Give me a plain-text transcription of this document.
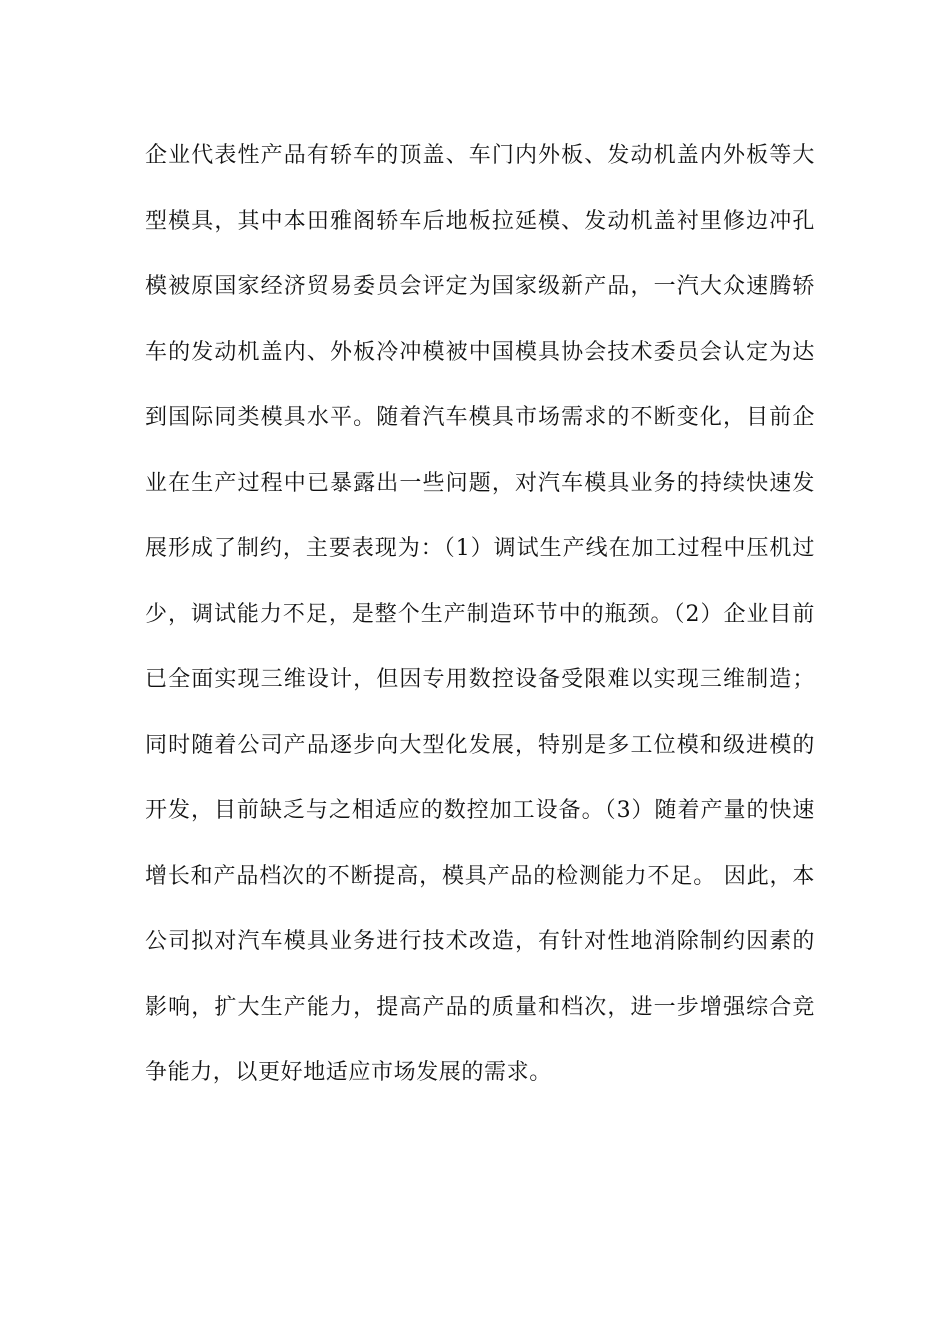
企业代表性产品有轿车的顶盖、车门内外板、发动机盖内外板等大
型模具，其中本田雅阁轿车后地板拉延模、发动机盖衬里修边冲孔
模被原国家经济贸易委员会评定为国家级新产品，一汽大众速腾轿
车的发动机盖内、外板冷冲模被中国模具协会技术委员会认定为达
到国际同类模具水平。随着汽车模具市场需求的不断变化，目前企
业在生产过程中已暴露出一些问题，对汽车模具业务的持续快速发
展形成了制约，主要表现为：（1）调试生产线在加工过程中压机过
少，调试能力不足，是整个生产制造环节中的瓶颈。（2）企业目前
已全面实现三维设计，但因专用数控设备受限难以实现三维制造；
同时随着公司产品逐步向大型化发展，特别是多工位模和级进模的
开发，目前缺乏与之相适应的数控加工设备。（3）随着产量的快速
增长和产品档次的不断提高，模具产品的检测能力不足。 因此，本
公司拟对汽车模具业务进行技术改造，有针对性地消除制约因素的
影响，扩大生产能力，提高产品的质量和档次，进一步增强综合竞
争能力，以更好地适应市场发展的需求。
